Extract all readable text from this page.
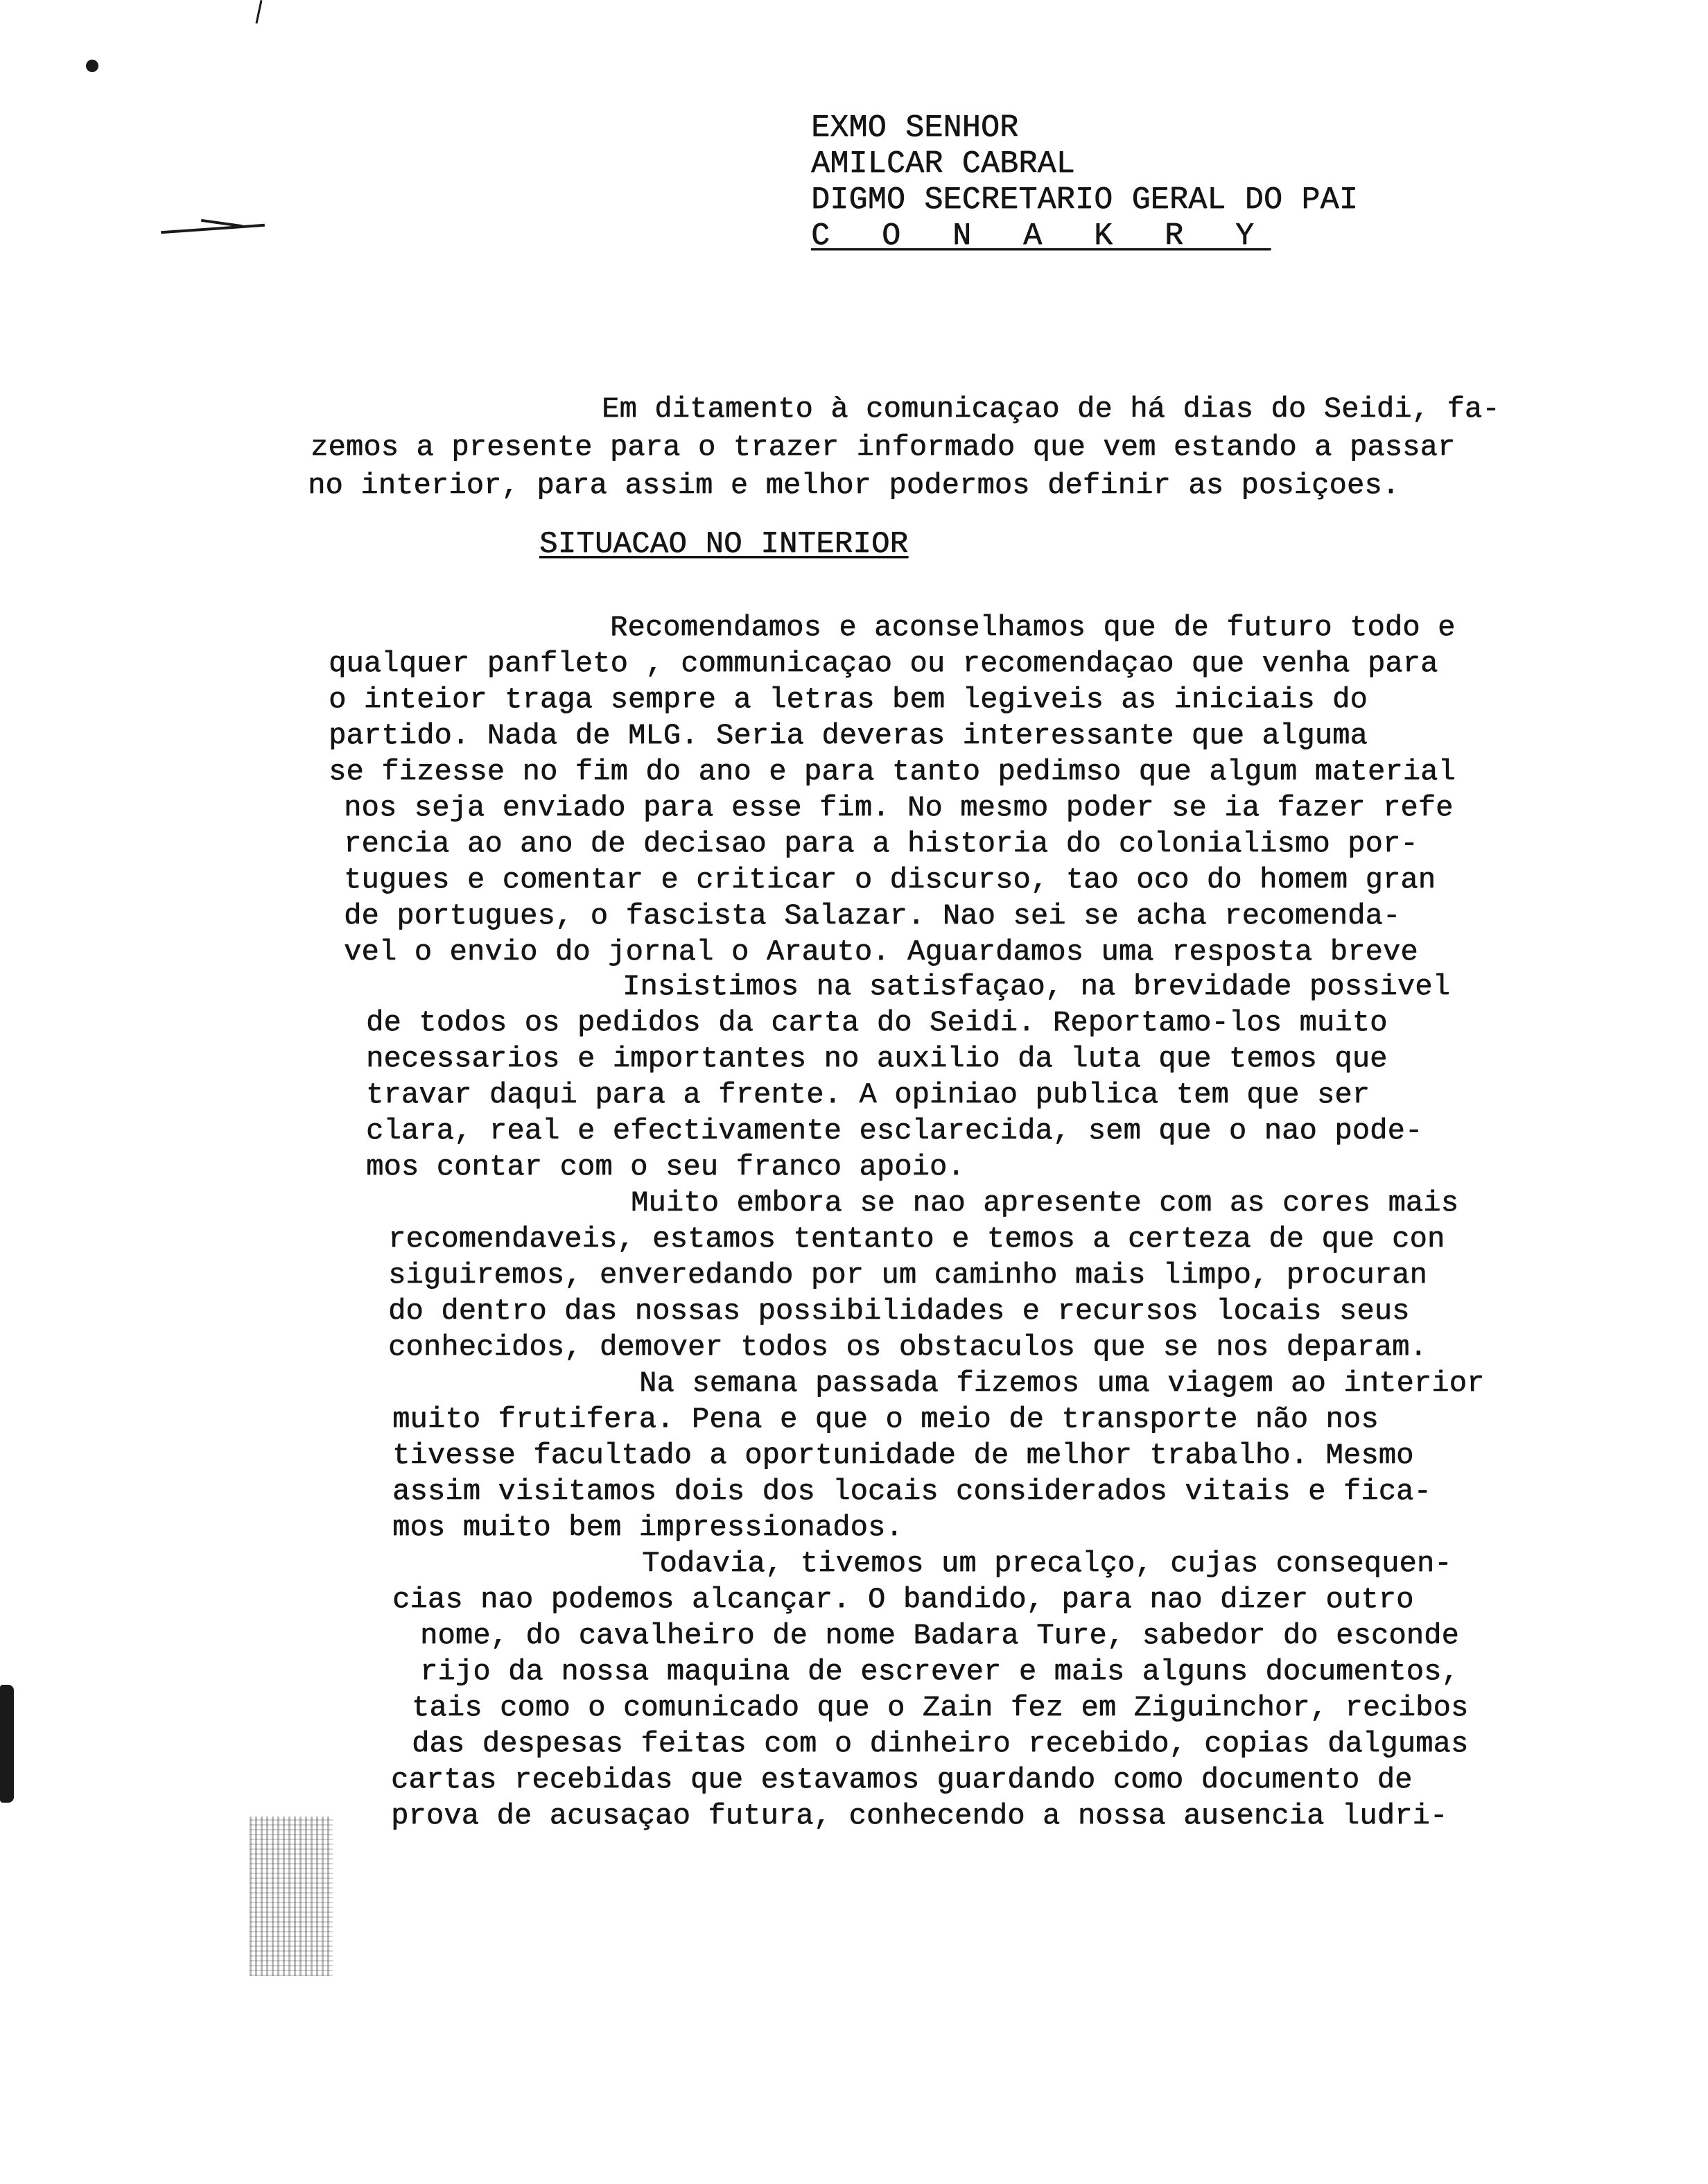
EXMO SENHOR
AMILCAR CABRAL
DIGMO SECRETARIO GERAL DO PAI
C O N A K R Y
Em ditamento à comunicaçao de há dias do Seidi, fa-
zemos a presente para o trazer informado que vem estando a passar
no interior, para assim e melhor podermos definir as posiçoes.
SITUACAO NO INTERIOR
Recomendamos e aconselhamos que de futuro todo e
qualquer panfleto , communicaçao ou recomendaçao que venha para
o inteior traga sempre a letras bem legiveis as iniciais do
partido. Nada de MLG. Seria deveras interessante que alguma
se fizesse no fim do ano e para tanto pedimso que algum material
nos seja enviado para esse fim. No mesmo poder se ia fazer refe
rencia ao ano de decisao para a historia do colonialismo por-
tugues e comentar e criticar o discurso, tao oco do homem gran
de portugues, o fascista Salazar. Nao sei se acha recomenda-
vel o envio do jornal o Arauto. Aguardamos uma resposta breve
Insistimos na satisfaçao, na brevidade possivel
de todos os pedidos da carta do Seidi. Reportamo-los muito
necessarios e importantes no auxilio da luta que temos que
travar daqui para a frente. A opiniao publica tem que ser
clara, real e efectivamente esclarecida, sem que o nao pode-
mos contar com o seu franco apoio.
Muito embora se nao apresente com as cores mais
recomendaveis, estamos tentanto e temos a certeza de que con
siguiremos, enveredando por um caminho mais limpo, procuran
do dentro das nossas possibilidades e recursos locais seus
conhecidos, demover todos os obstaculos que se nos deparam.
Na semana passada fizemos uma viagem ao interior
muito frutifera. Pena e que o meio de transporte não nos
tivesse facultado a oportunidade de melhor trabalho. Mesmo
assim visitamos dois dos locais considerados vitais e fica-
mos muito bem impressionados.
Todavia, tivemos um precalço, cujas consequen-
cias nao podemos alcançar. O bandido, para nao dizer outro
nome, do cavalheiro de nome Badara Ture, sabedor do esconde
rijo da nossa maquina de escrever e mais alguns documentos,
tais como o comunicado que o Zain fez em Ziguinchor, recibos
das despesas feitas com o dinheiro recebido, copias dalgumas
cartas recebidas que estavamos guardando como documento de
prova de acusaçao futura, conhecendo a nossa ausencia ludri-
